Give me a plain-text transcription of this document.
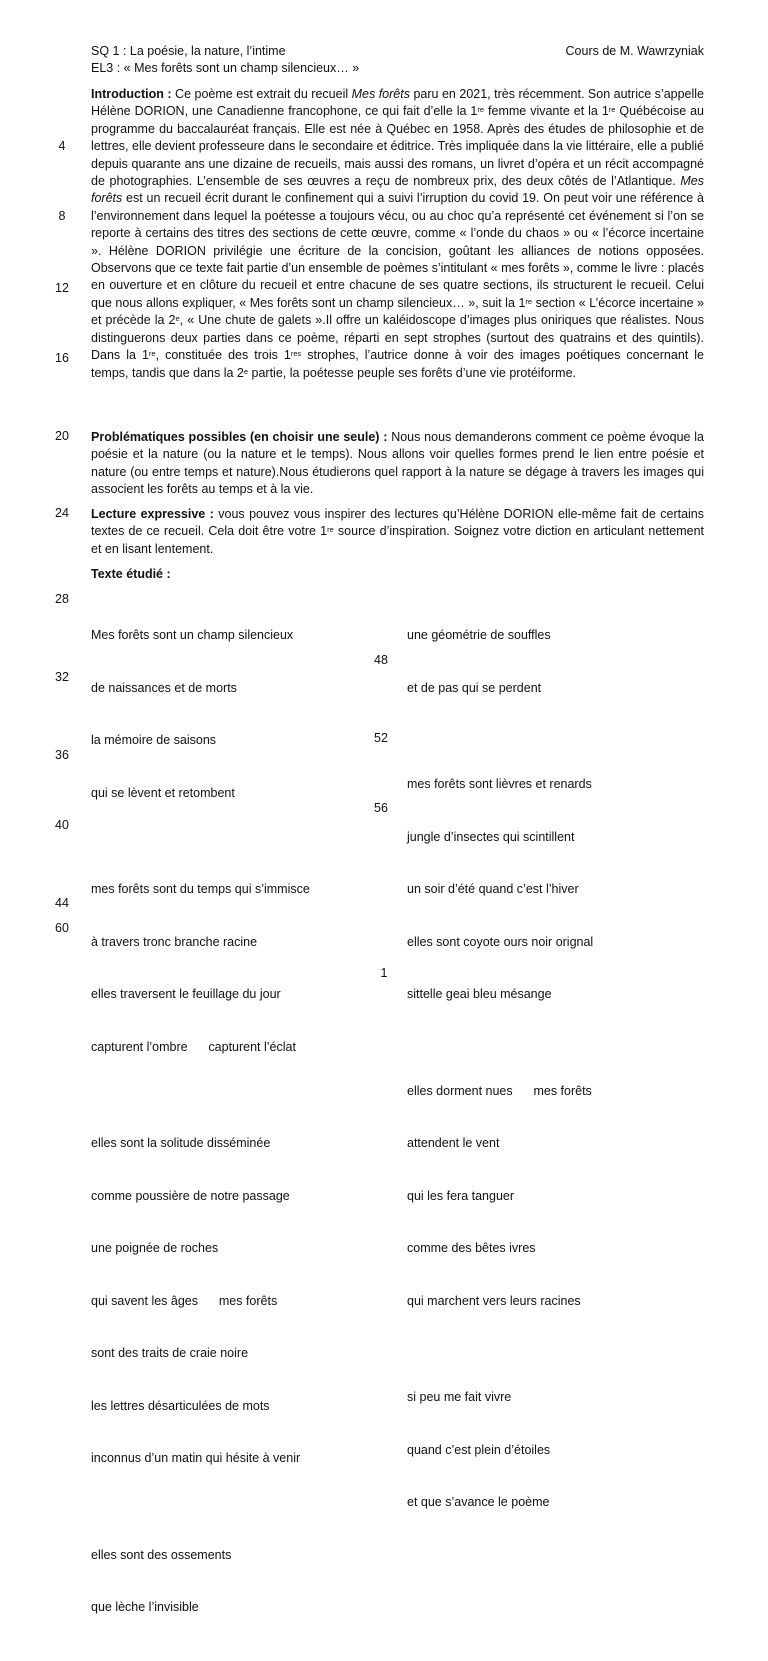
SQ 1 : La poésie, la nature, l’intime
EL3 : « Mes forêts sont un champ silencieux… »
Cours de M. Wawrzyniak
Introduction : Ce poème est extrait du recueil Mes forêts paru en 2021, très récemment. Son autrice s’appelle Hélène DORION, une Canadienne francophone, ce qui fait d’elle la 1re femme vivante et la 1re Québécoise au programme du baccalauréat français. Elle est née à Québec en 1958. Après des études de philosophie et de lettres, elle devient professeure dans le secondaire et éditrice. Très impliquée dans la vie littéraire, elle a publié depuis quarante ans une dizaine de recueils, mais aussi des romans, un livret d’opéra et un récit accompagné de photographies. L’ensemble de ses œuvres a reçu de nombreux prix, des deux côtés de l’Atlantique. Mes forêts est un recueil écrit durant le confinement qui a suivi l’irruption du covid 19. On peut voir une référence à l’environnement dans lequel la poétesse a toujours vécu, ou au choc qu’a représenté cet événement si l’on se reporte à certains des titres des sections de cette œuvre, comme « l’onde du chaos » ou « l’écorce incertaine ». Hélène DORION privilégie une écriture de la concision, goûtant les alliances de notions opposées. Observons que ce texte fait partie d’un ensemble de poèmes s’intitulant « mes forêts », comme le livre : placés en ouverture et en clôture du recueil et entre chacune de ses quatre sections, ils structurent le recueil. Celui que nous allons expliquer, « Mes forêts sont un champ silencieux… », suit la 1re section « L’écorce incertaine » et précède la 2e, « Une chute de galets ».Il offre un kaléidoscope d’images plus oniriques que réalistes. Nous distinguerons deux parties dans ce poème, réparti en sept strophes (surtout des quatrains et des quintils). Dans la 1re, constituée des trois 1res strophes, l’autrice donne à voir des images poétiques concernant le temps, tandis que dans la 2e partie, la poétesse peuple ses forêts d’une vie protéiforme.
Problématiques possibles (en choisir une seule) : Nous nous demanderons comment ce poème évoque la poésie et la nature (ou la nature et le temps). Nous allons voir quelles formes prend le lien entre poésie et nature (ou entre temps et nature).Nous étudierons quel rapport à la nature se dégage à travers les images qui associent les forêts au temps et à la vie.
Lecture expressive : vous pouvez vous inspirer des lectures qu’Hélène DORION elle-même fait de certains textes de ce recueil. Cela doit être votre 1re source d’inspiration. Soignez votre diction en articulant nettement et en lisant lentement.
Texte étudié :
4
8
12
16
20
24
28
32
36
40
44
60
48
52
56

Mes forêts sont un champ silencieux

de naissances et de morts

la mémoire de saisons

qui se lèvent et retombent

mes forêts sont du temps qui s’immisce

à travers tronc branche racine

elles traversent le feuillage du jour

capturent l’ombre      capturent l’éclat

elles sont la solitude disséminée

comme poussière de notre passage

une poignée de roches

qui savent les âges      mes forêts

sont des traits de craie noire

les lettres désarticulées de mots

inconnus d’un matin qui hésite à venir

elles sont des ossements

que lèche l’invisible

une géométrie de souffles

et de pas qui se perdent

mes forêts sont lièvres et renards

jungle d’insectes qui scintillent

un soir d’été quand c’est l’hiver

elles sont coyote ours noir orignal

sittelle geai bleu mésange

elles dorment nues      mes forêts

attendent le vent

qui les fera tanguer

comme des bêtes ivres

qui marchent vers leurs racines

si peu me fait vivre

quand c’est plein d’étoiles

et que s’avance le poème

1
